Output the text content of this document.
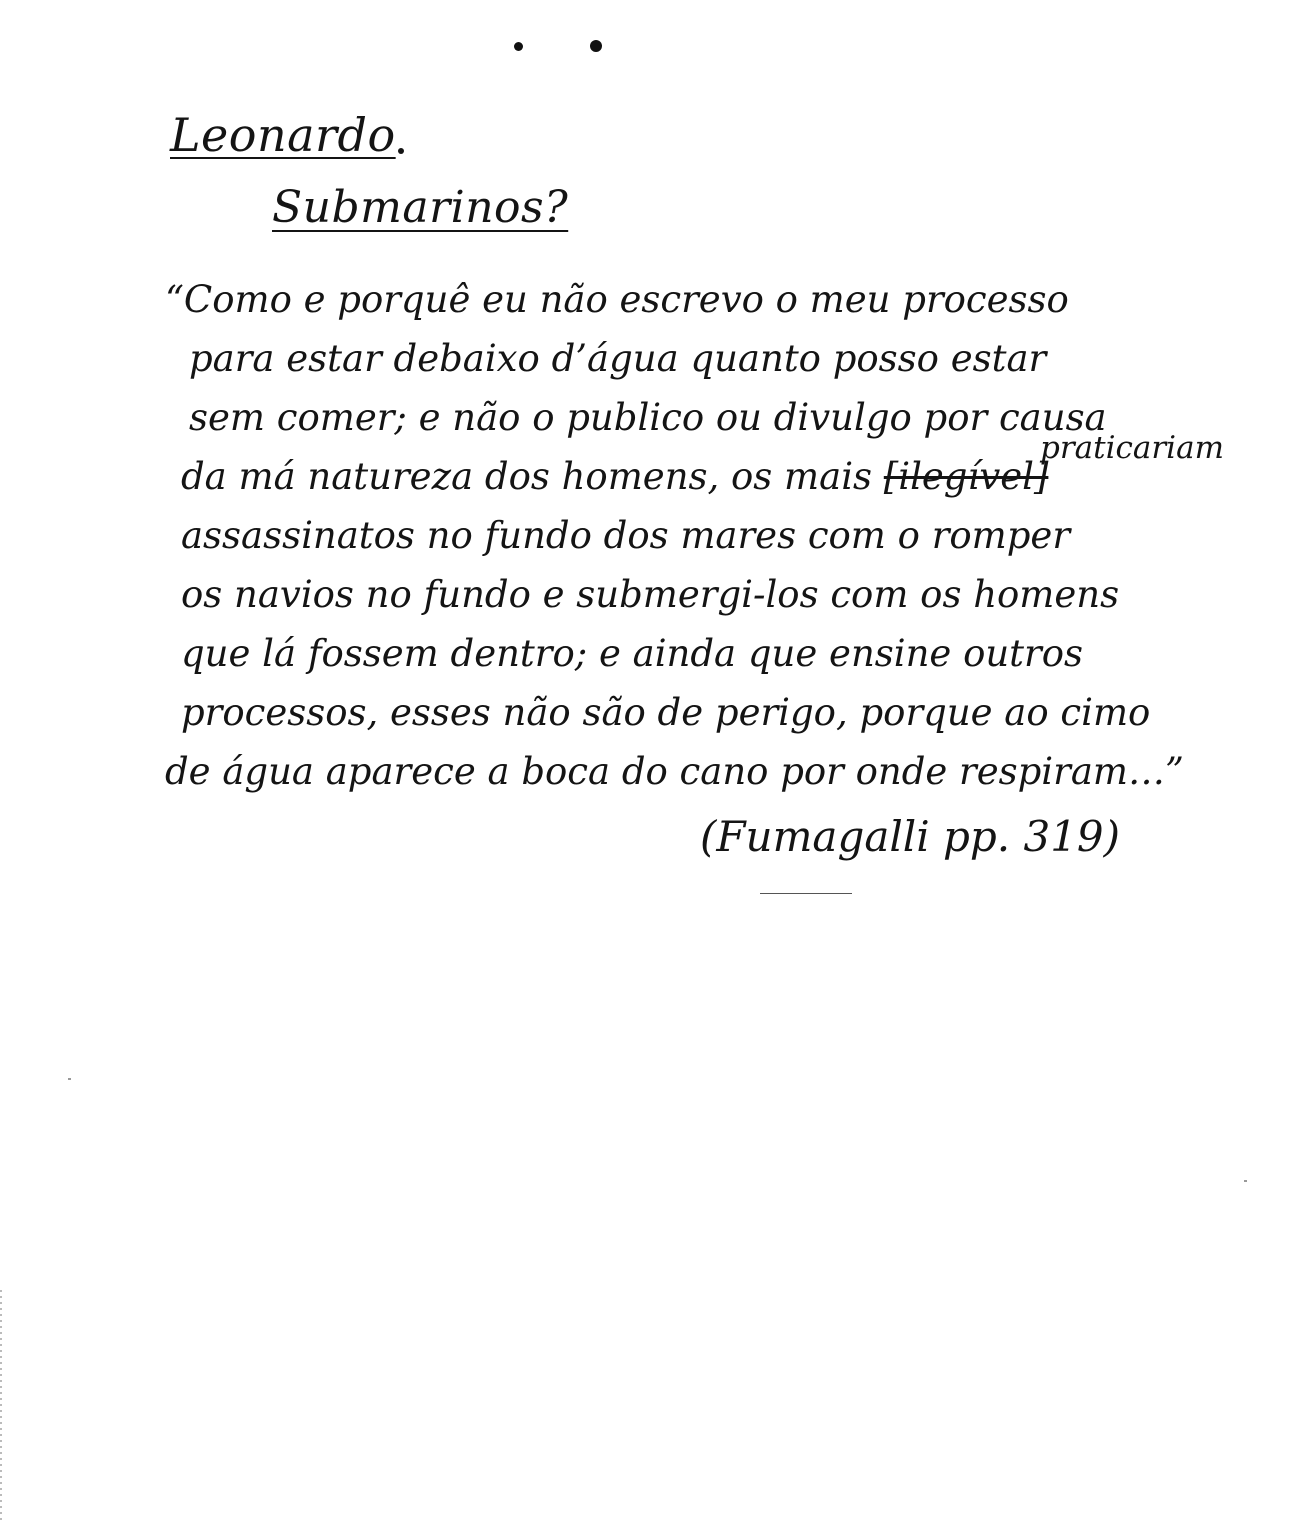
Leonardo
Submarinos?
praticariam
“Como e porquê eu não escrevo o meu processo
para estar debaixo d’água quanto posso estar
sem comer; e não o publico ou divulgo por causa
da má natureza dos homens, os mais [ilegível]
assassinatos no fundo dos mares com o romper
os navios no fundo e submergi-los com os homens
que lá fossem dentro; e ainda que ensine outros
processos, esses não são de perigo, porque ao cimo
de água aparece a boca do cano por onde respiram…”
(Fumagalli pp. 319)
